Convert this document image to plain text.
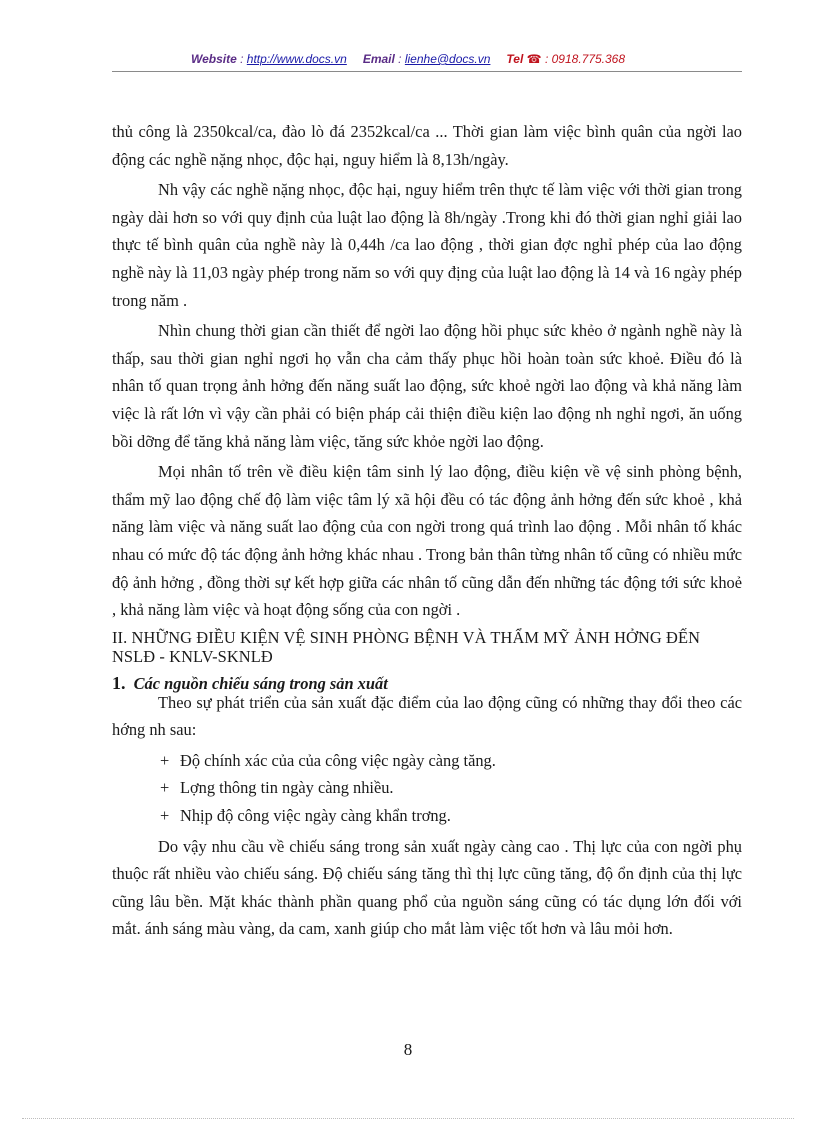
Website : http://www.docs.vn Email : lienhe@docs.vn Tel ☎ : 0918.775.368

thủ công là 2350kcal/ca, đào lò đá 2352kcal/ca ... Thời gian làm việc bình quân của ngời lao động các nghề nặng nhọc, độc hại, nguy hiểm là 8,13h/ngày.

Nh vậy các nghề nặng nhọc, độc hại, nguy hiểm trên thực tế làm việc với thời gian trong ngày dài hơn so với quy định của luật lao động là 8h/ngày .Trong khi đó thời gian nghỉ giải lao thực tế bình quân của nghề này là 0,44h /ca lao động , thời gian đợc nghỉ phép của lao động nghề này là 11,03 ngày phép trong năm so với quy địng của luật lao động là 14 và 16 ngày phép trong năm .

Nhìn chung thời gian cần thiết để ngời lao động hồi phục sức khẻo ở ngành nghề này là thấp, sau thời gian nghỉ ngơi họ vẫn cha cảm thấy phục hồi hoàn toàn sức khoẻ. Điều đó là nhân tố quan trọng ảnh hởng đến năng suất lao động, sức khoẻ ngời lao động và khả năng làm việc là rất lớn vì vậy cần phải có biện pháp cải thiện điều kiện lao động nh nghỉ ngơi, ăn uống bồi dỡng để tăng khả năng làm việc, tăng sức khỏe ngời lao động.

Mọi nhân tố trên về điều kiện tâm sinh lý lao động, điều kiện về vệ sinh phòng bệnh, thẩm mỹ lao động chế độ làm việc tâm lý xã hội đều có tác động ảnh hởng đến sức khoẻ , khả năng làm việc và năng suất lao động của con ngời trong quá trình lao động . Mỗi nhân tố khác nhau có mức độ tác động ảnh hởng khác nhau . Trong bản thân từng nhân tố cũng có nhiều mức độ ảnh hởng , đồng thời sự kết hợp giữa các nhân tố cũng dẫn đến những tác động tới sức khoẻ , khả năng làm việc và hoạt động sống của con ngời .

II. NHỮNG ĐIỀU KIỆN VỆ SINH PHÒNG BỆNH VÀ THẨM MỸ ẢNH HỞNG ĐẾN NSLĐ - KNLV-SKNLĐ

1. Các nguồn chiếu sáng trong sản xuất

Theo sự phát triển của sản xuất đặc điểm của lao động cũng có những thay đổi theo các hớng nh sau:

+ Độ chính xác của của công việc ngày càng tăng.

+ Lợng thông tin ngày càng nhiều.

+ Nhịp độ công việc ngày càng khẩn trơng.

Do vậy nhu cầu về chiếu sáng trong sản xuất ngày càng cao . Thị lực của con ngời phụ thuộc rất nhiều vào chiếu sáng. Độ chiếu sáng tăng thì thị lực cũng tăng, độ ổn định của thị lực cũng lâu bền. Mặt khác thành phần quang phổ của nguồn sáng cũng có tác dụng lớn đối với mắt. ánh sáng màu vàng, da cam, xanh giúp cho mắt làm việc tốt hơn và lâu mỏi hơn.

8
